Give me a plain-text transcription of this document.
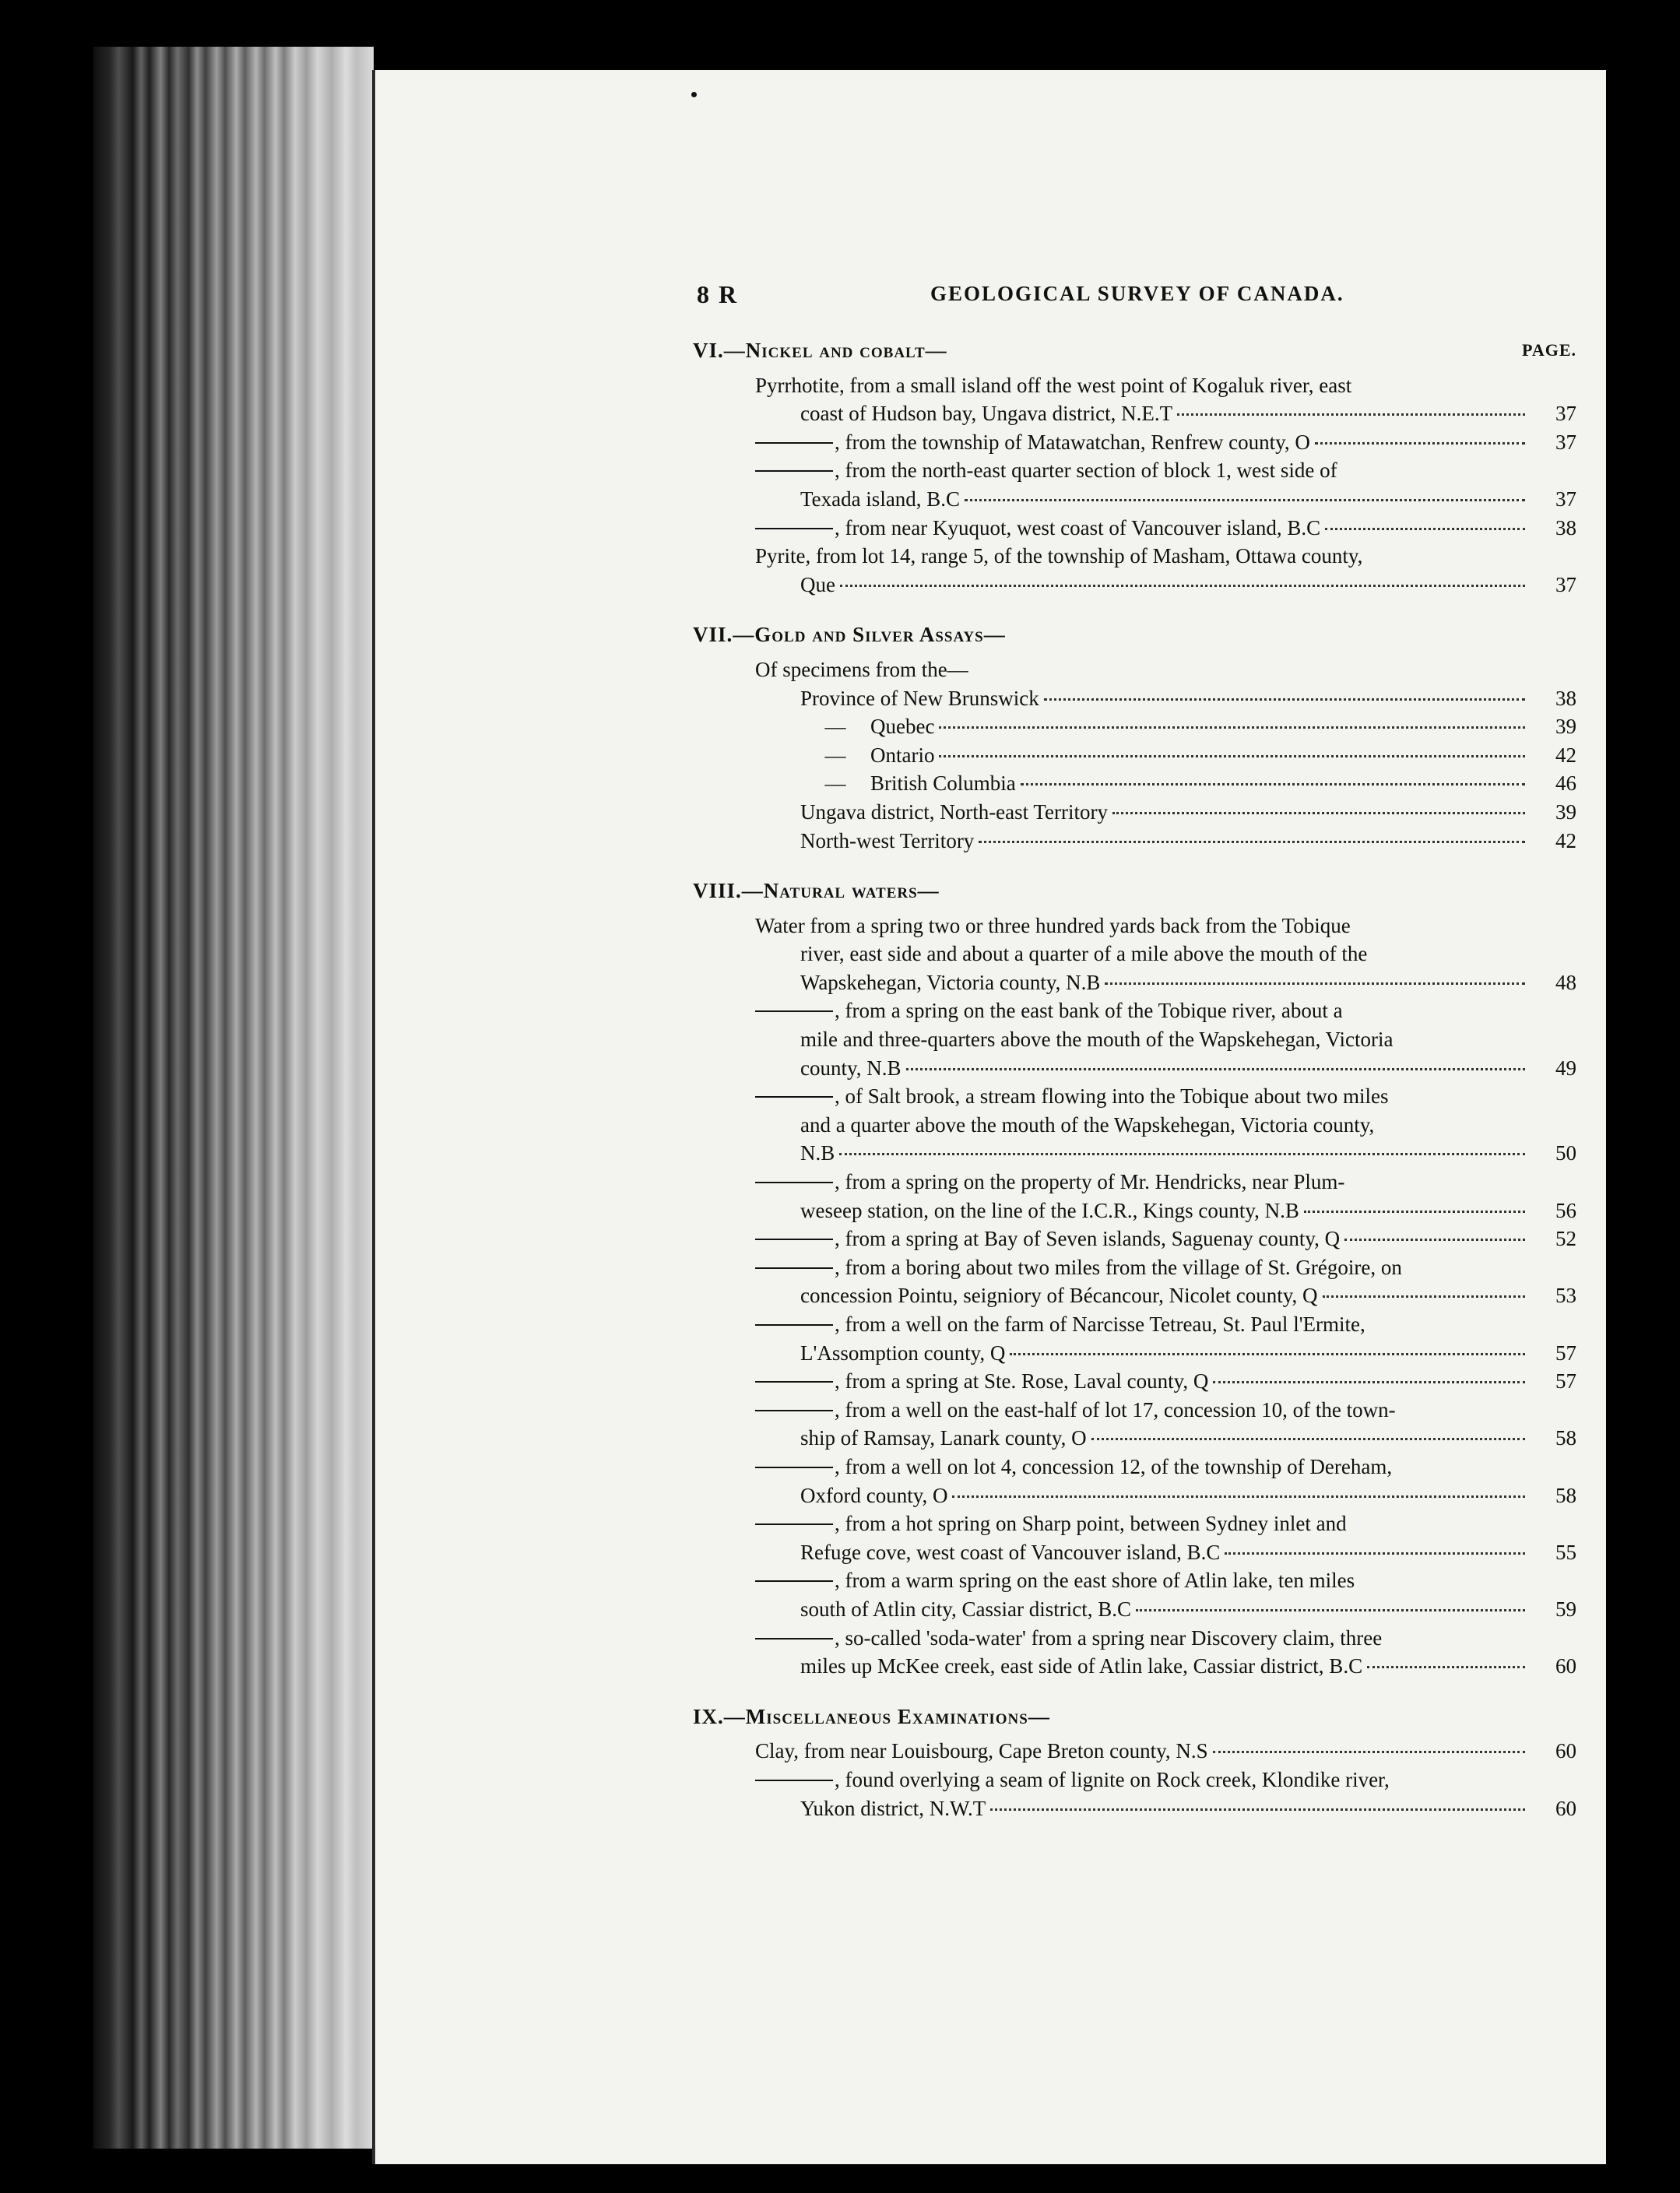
8 R	GEOLOGICAL SURVEY OF CANADA.
PAGE.
VI.—Nickel and cobalt—
Pyrrhotite, from a small island off the west point of Kogaluk river, east
coast of Hudson bay, Ungava district, N.E.T	37
, from the township of Matawatchan, Renfrew county, O	37
, from the north-east quarter section of block 1, west side of
Texada island, B.C	37
, from near Kyuquot, west coast of Vancouver island, B.C	38
Pyrite, from lot 14, range 5, of the township of Masham, Ottawa county,
Que	37
VII.—Gold and Silver Assays—
Of specimens from the—
Province of New Brunswick	38
—	Quebec	39
—	Ontario	42
—	British Columbia	46
Ungava district, North-east Territory	39
North-west Territory	42
VIII.—Natural waters—
Water from a spring two or three hundred yards back from the Tobique
river, east side and about a quarter of a mile above the mouth of the
Wapskehegan, Victoria county, N.B	48
, from a spring on the east bank of the Tobique river, about a
mile and three-quarters above the mouth of the Wapskehegan, Victoria
county, N.B	49
, of Salt brook, a stream flowing into the Tobique about two miles
and a quarter above the mouth of the Wapskehegan, Victoria county,
N.B	50
, from a spring on the property of Mr. Hendricks, near Plum-
weseep station, on the line of the I.C.R., Kings county, N.B	56
, from a spring at Bay of Seven islands, Saguenay county, Q	52
, from a boring about two miles from the village of St. Grégoire, on
concession Pointu, seigniory of Bécancour, Nicolet county, Q	53
, from a well on the farm of Narcisse Tetreau, St. Paul l'Ermite,
L'Assomption county, Q	57
, from a spring at Ste. Rose, Laval county, Q	57
, from a well on the east-half of lot 17, concession 10, of the town-
ship of Ramsay, Lanark county, O	58
, from a well on lot 4, concession 12, of the township of Dereham,
Oxford county, O	58
, from a hot spring on Sharp point, between Sydney inlet and
Refuge cove, west coast of Vancouver island, B.C	55
, from a warm spring on the east shore of Atlin lake, ten miles
south of Atlin city, Cassiar district, B.C	59
, so-called 'soda-water' from a spring near Discovery claim, three
miles up McKee creek, east side of Atlin lake, Cassiar district, B.C	60
IX.—Miscellaneous Examinations—
Clay, from near Louisbourg, Cape Breton county, N.S	60
, found overlying a seam of lignite on Rock creek, Klondike river,
Yukon district, N.W.T	60
